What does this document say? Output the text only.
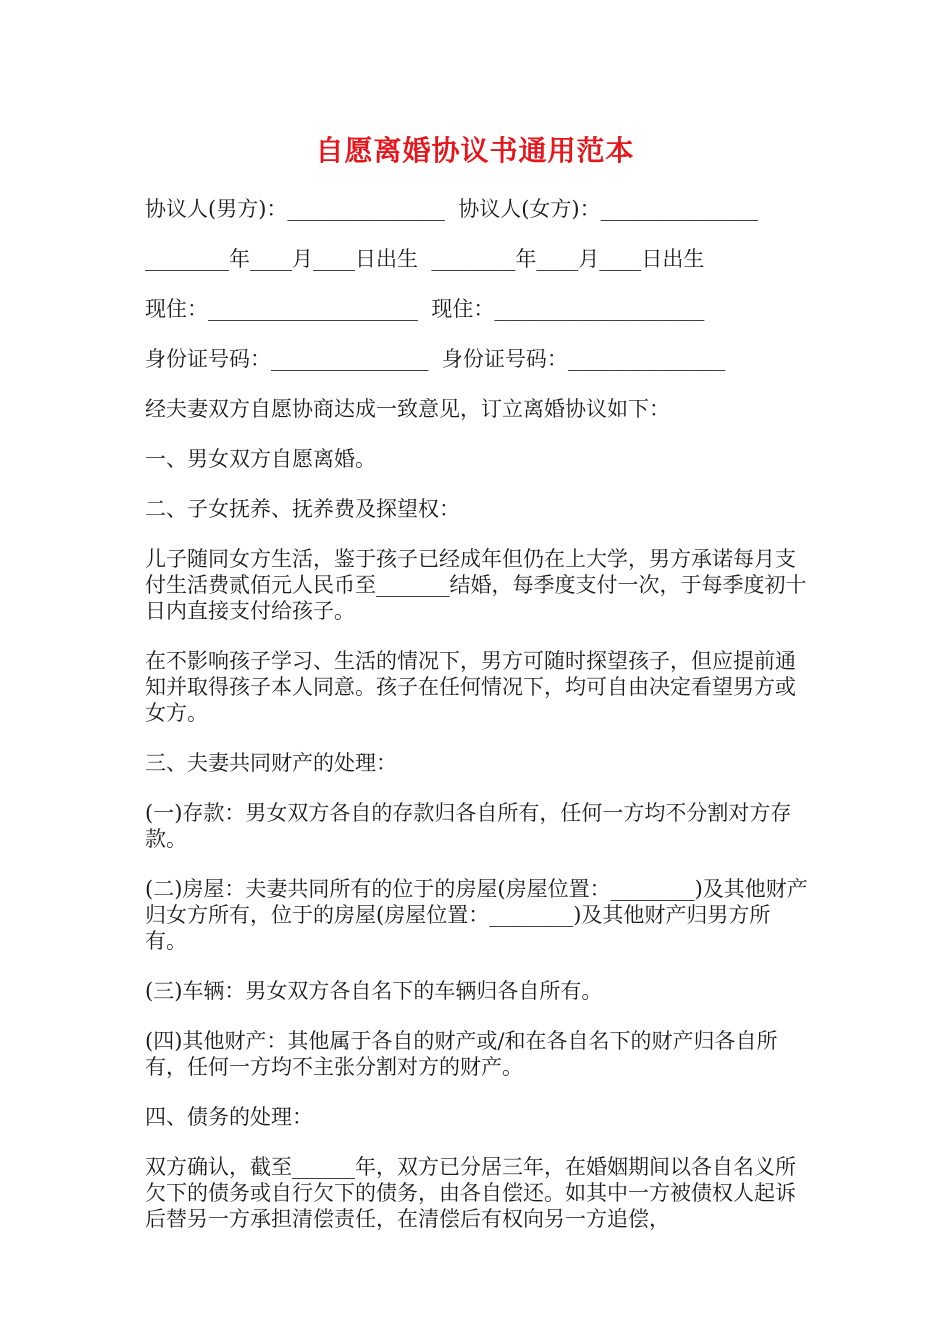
自愿离婚协议书通用范本

协议人(男方)：_______________  协议人(女方)：_______________

________年____月____日出生  ________年____月____日出生

现住：____________________  现住：____________________

身份证号码：_______________  身份证号码：_______________

经夫妻双方自愿协商达成一致意见，订立离婚协议如下：

一、男女双方自愿离婚。

二、子女抚养、抚养费及探望权：

儿子随同女方生活，鉴于孩子已经成年但仍在上大学，男方承诺每月支付生活费贰佰元人民币至_______结婚，每季度支付一次，于每季度初十日内直接支付给孩子。

在不影响孩子学习、生活的情况下，男方可随时探望孩子，但应提前通知并取得孩子本人同意。孩子在任何情况下，均可自由决定看望男方或女方。

三、夫妻共同财产的处理：

(一)存款：男女双方各自的存款归各自所有，任何一方均不分割对方存款。

(二)房屋：夫妻共同所有的位于的房屋(房屋位置：________)及其他财产归女方所有，位于的房屋(房屋位置：________)及其他财产归男方所有。

(三)车辆：男女双方各自名下的车辆归各自所有。

(四)其他财产：其他属于各自的财产或/和在各自名下的财产归各自所有，任何一方均不主张分割对方的财产。

四、债务的处理：

双方确认，截至______年，双方已分居三年，在婚姻期间以各自名义所欠下的债务或自行欠下的债务，由各自偿还。如其中一方被债权人起诉后替另一方承担清偿责任，在清偿后有权向另一方追偿，
